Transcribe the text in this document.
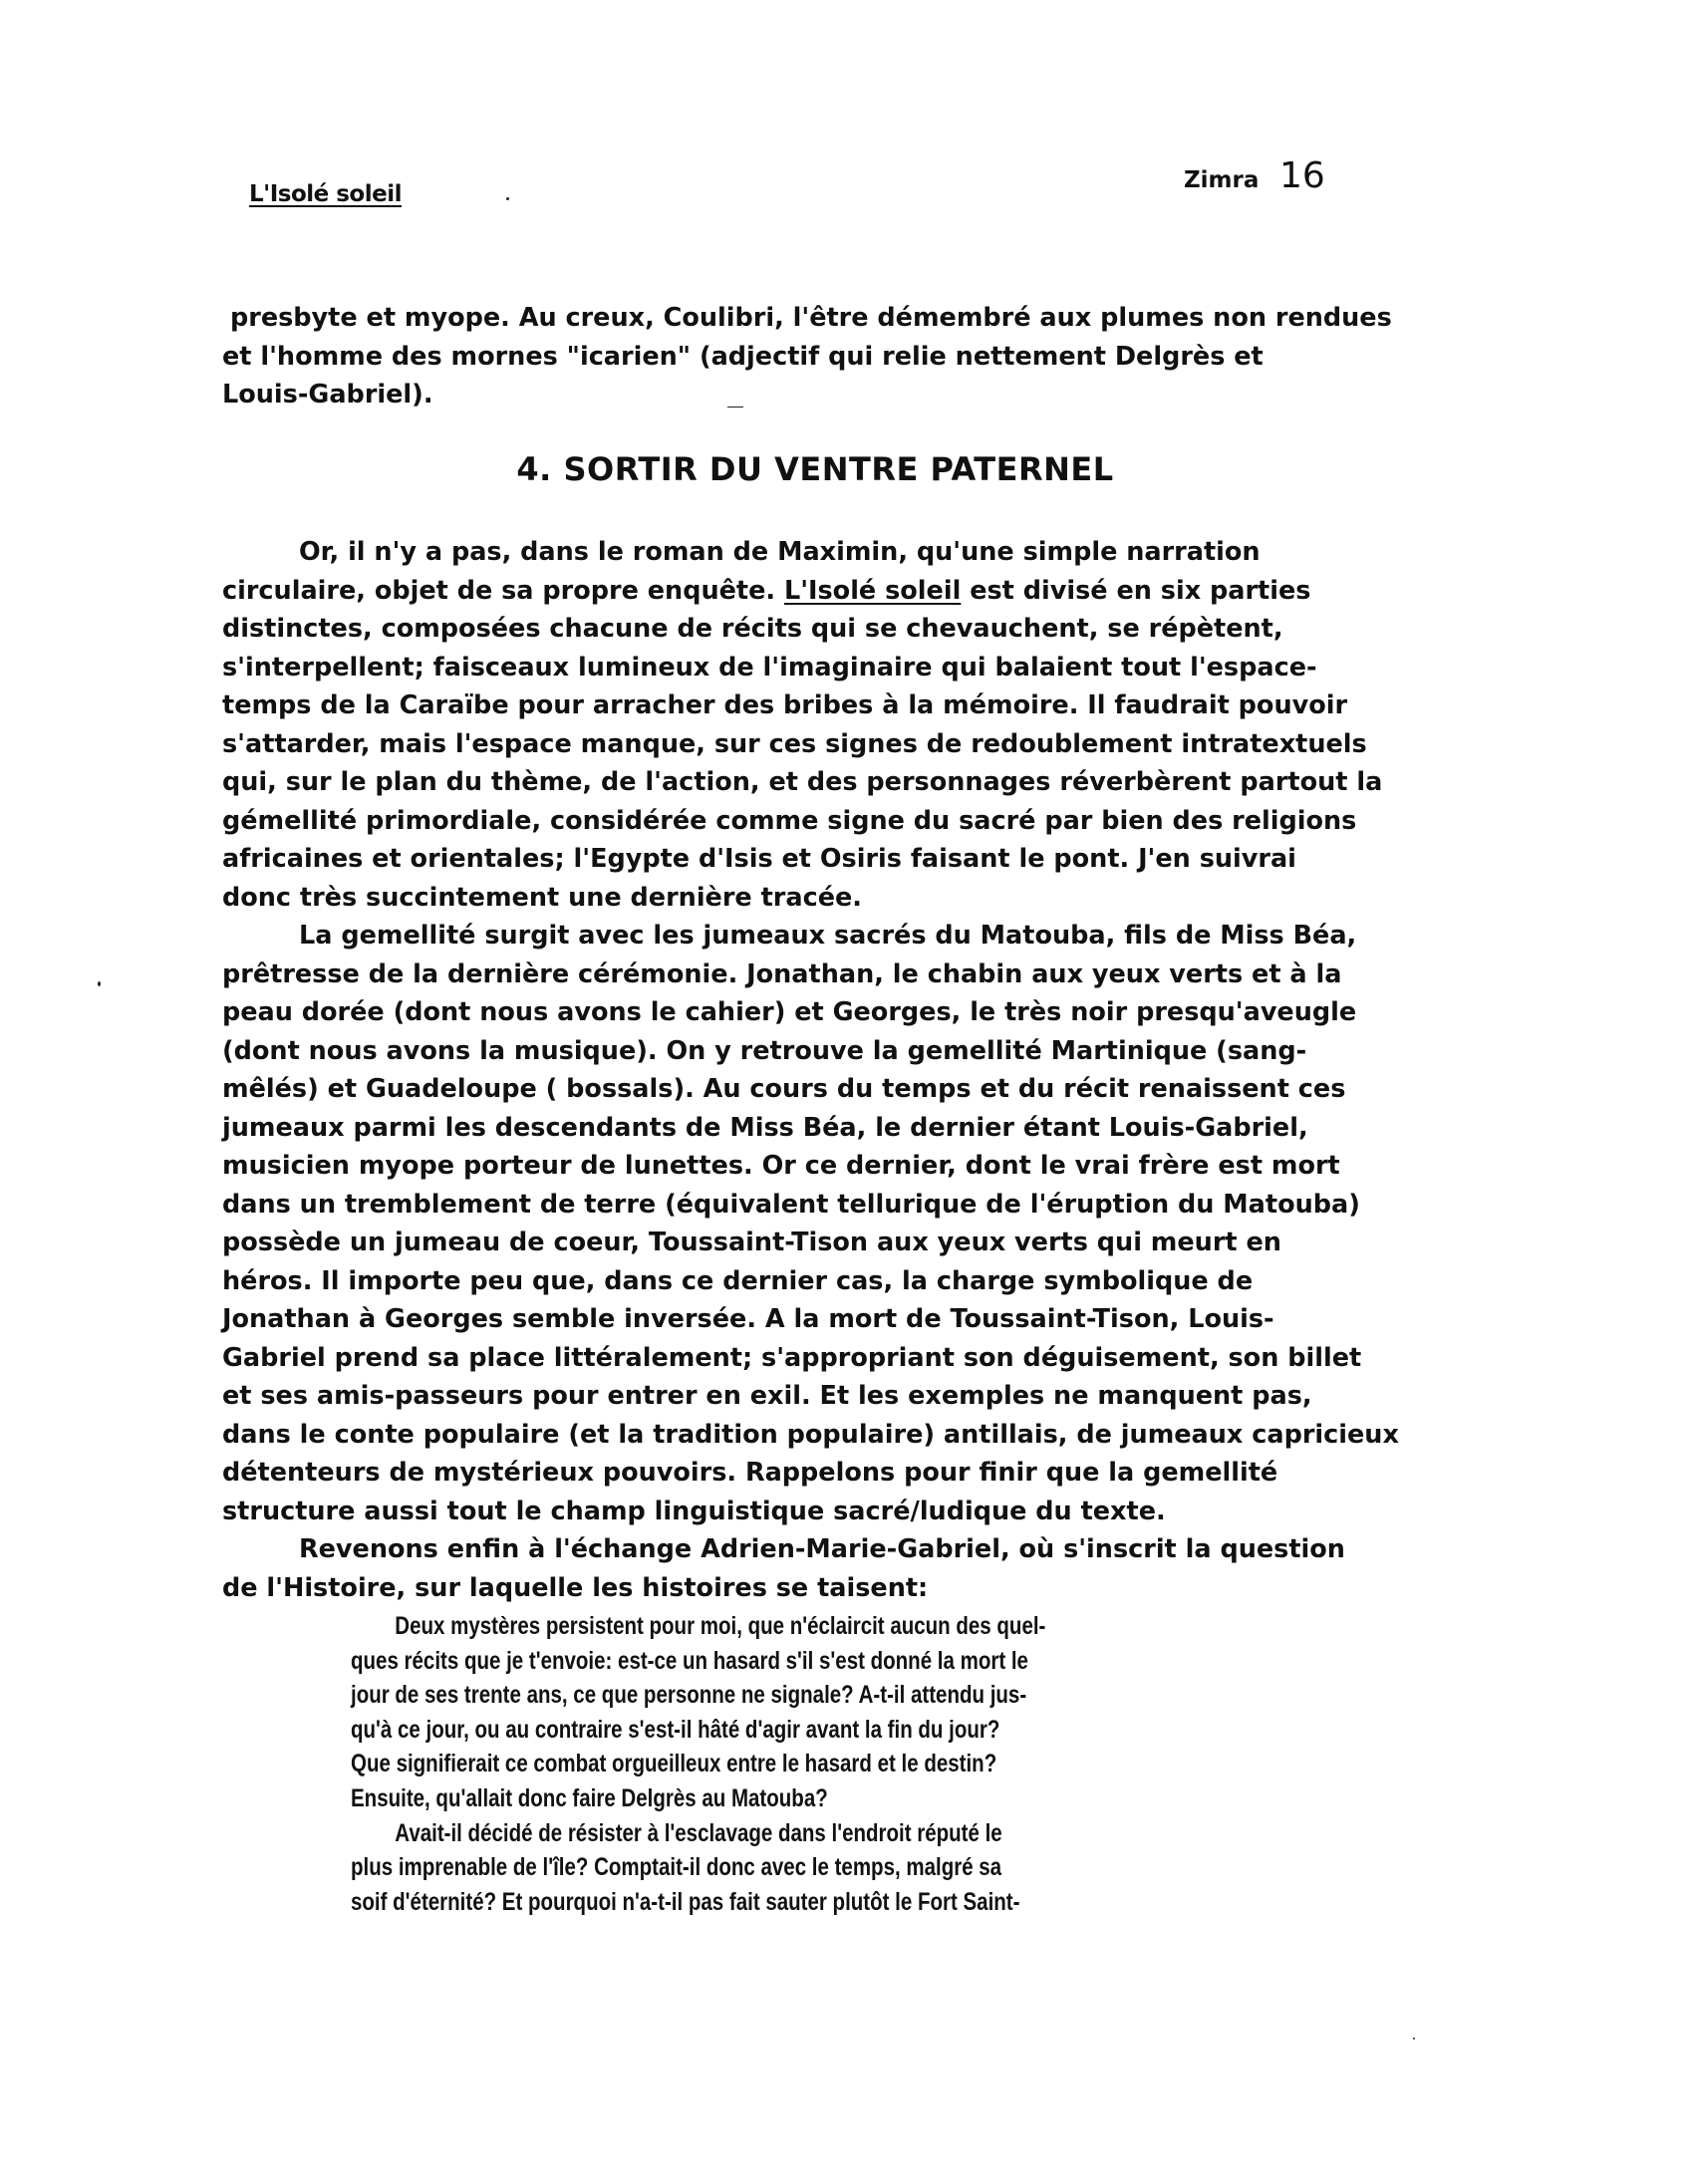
L'Isolé soleil
Zimra 16
presbyte et myope. Au creux, Coulibri, l'être démembré aux plumes non rendues
et l'homme des mornes "icarien" (adjectif qui relie nettement Delgrès et
Louis-Gabriel).
4. SORTIR DU VENTRE PATERNEL
Or, il n'y a pas, dans le roman de Maximin, qu'une simple narration
circulaire, objet de sa propre enquête. L'Isolé soleil est divisé en six parties
distinctes, composées chacune de récits qui se chevauchent, se répètent,
s'interpellent; faisceaux lumineux de l'imaginaire qui balaient tout l'espace-
temps de la Caraïbe pour arracher des bribes à la mémoire. Il faudrait pouvoir
s'attarder, mais l'espace manque, sur ces signes de redoublement intratextuels
qui, sur le plan du thème, de l'action, et des personnages réverbèrent partout la
gémellité primordiale, considérée comme signe du sacré par bien des religions
africaines et orientales; l'Egypte d'Isis et Osiris faisant le pont. J'en suivrai
donc très succintement une dernière tracée.
La gemellité surgit avec les jumeaux sacrés du Matouba, fils de Miss Béa,
prêtresse de la dernière cérémonie. Jonathan, le chabin aux yeux verts et à la
peau dorée (dont nous avons le cahier) et Georges, le très noir presqu'aveugle
(dont nous avons la musique). On y retrouve la gemellité Martinique (sang-
mêlés) et Guadeloupe ( bossals). Au cours du temps et du récit renaissent ces
jumeaux parmi les descendants de Miss Béa, le dernier étant Louis-Gabriel,
musicien myope porteur de lunettes. Or ce dernier, dont le vrai frère est mort
dans un tremblement de terre (équivalent tellurique de l'éruption du Matouba)
possède un jumeau de coeur, Toussaint-Tison aux yeux verts qui meurt en
héros. Il importe peu que, dans ce dernier cas, la charge symbolique de
Jonathan à Georges semble inversée. A la mort de Toussaint-Tison, Louis-
Gabriel prend sa place littéralement; s'appropriant son déguisement, son billet
et ses amis-passeurs pour entrer en exil. Et les exemples ne manquent pas,
dans le conte populaire (et la tradition populaire) antillais, de jumeaux capricieux
détenteurs de mystérieux pouvoirs. Rappelons pour finir que la gemellité
structure aussi tout le champ linguistique sacré/ludique du texte.
Revenons enfin à l'échange Adrien-Marie-Gabriel, où s'inscrit la question
de l'Histoire, sur laquelle les histoires se taisent:
Deux mystères persistent pour moi, que n'éclaircit aucun des quel-
ques récits que je t'envoie: est-ce un hasard s'il s'est donné la mort le
jour de ses trente ans, ce que personne ne signale? A-t-il attendu jus-
qu'à ce jour, ou au contraire s'est-il hâté d'agir avant la fin du jour?
Que signifierait ce combat orgueilleux entre le hasard et le destin?
Ensuite, qu'allait donc faire Delgrès au Matouba?
Avait-il décidé de résister à l'esclavage dans l'endroit réputé le
plus imprenable de l'île? Comptait-il donc avec le temps, malgré sa
soif d'éternité? Et pourquoi n'a-t-il pas fait sauter plutôt le Fort Saint-
